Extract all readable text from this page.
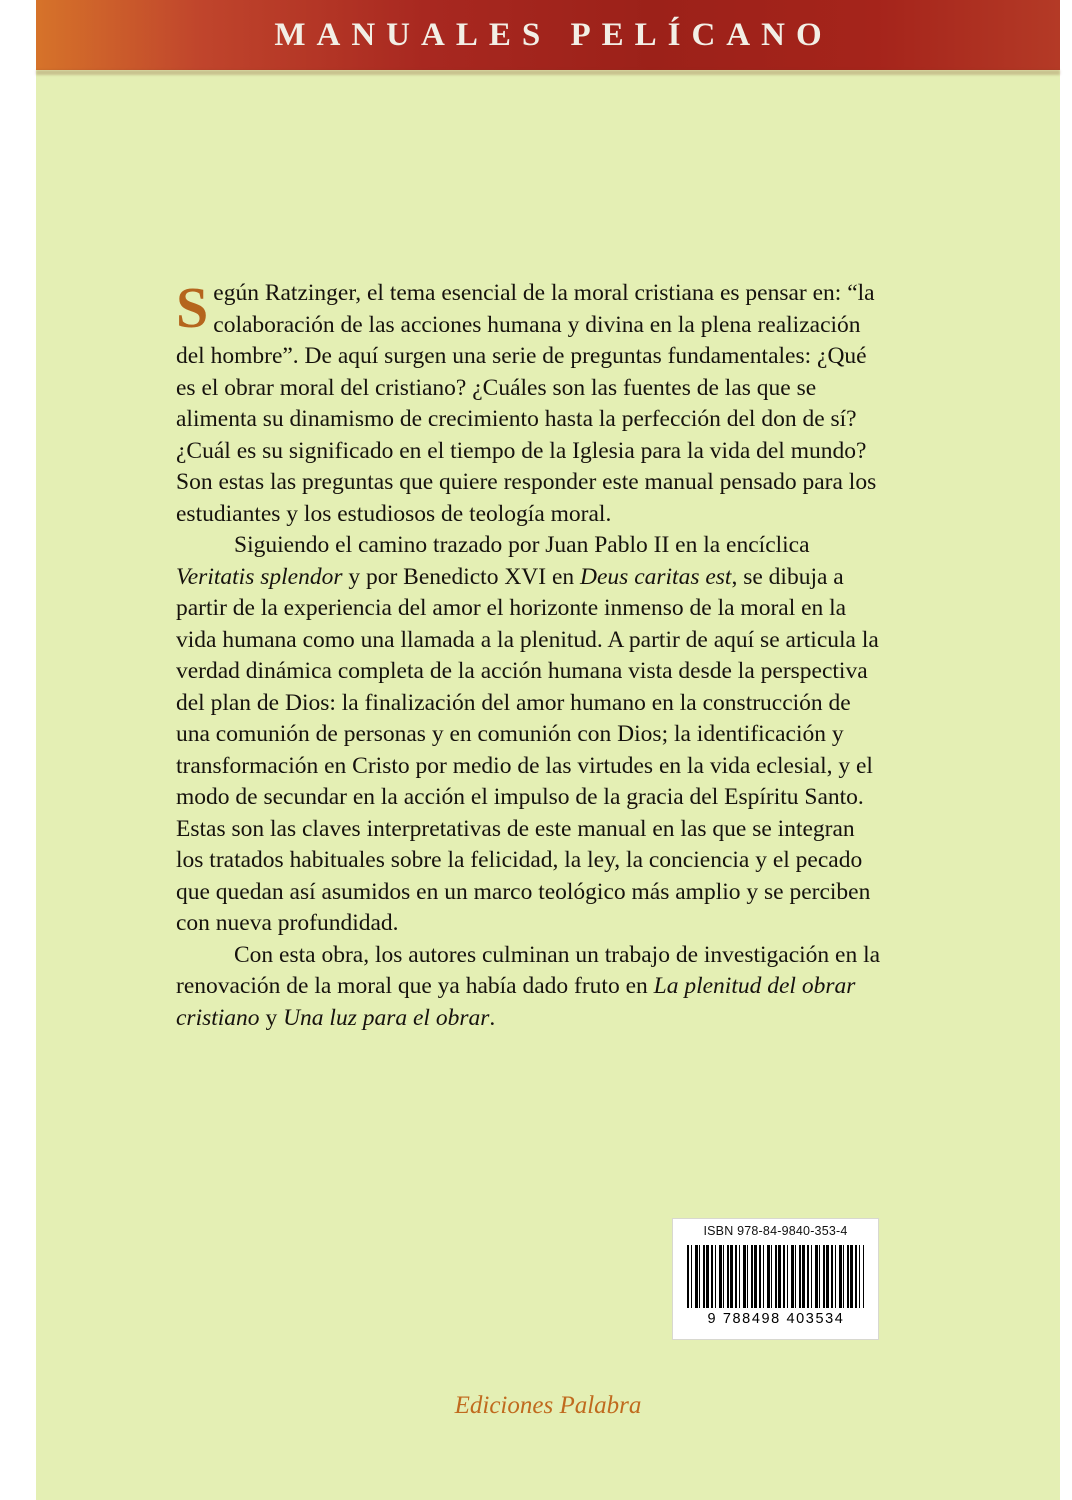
MANUALES PELÍCANO

Según Ratzinger, el tema esencial de la moral cristiana es pensar en: “la colaboración de las acciones humana y divina en la plena realización del hombre”. De aquí surgen una serie de preguntas fundamentales: ¿Qué es el obrar moral del cristiano? ¿Cuáles son las fuentes de las que se alimenta su dinamismo de crecimiento hasta la perfección del don de sí? ¿Cuál es su significado en el tiempo de la Iglesia para la vida del mundo? Son estas las preguntas que quiere responder este manual pensado para los estudiantes y los estudiosos de teología moral.

Siguiendo el camino trazado por Juan Pablo II en la encíclica Veritatis splendor y por Benedicto XVI en Deus caritas est, se dibuja a partir de la experiencia del amor el horizonte inmenso de la moral en la vida humana como una llamada a la plenitud. A partir de aquí se articula la verdad dinámica completa de la acción humana vista desde la perspectiva del plan de Dios: la finalización del amor humano en la construcción de una comunión de personas y en comunión con Dios; la identificación y transformación en Cristo por medio de las virtudes en la vida eclesial, y el modo de secundar en la acción el impulso de la gracia del Espíritu Santo. Estas son las claves interpretativas de este manual en las que se integran los tratados habituales sobre la felicidad, la ley, la conciencia y el pecado que quedan así asumidos en un marco teológico más amplio y se perciben con nueva profundidad.

Con esta obra, los autores culminan un trabajo de investigación en la renovación de la moral que ya había dado fruto en La plenitud del obrar cristiano y Una luz para el obrar.

ISBN 978-84-9840-353-4
9 788498 403534
Ediciones Palabra
